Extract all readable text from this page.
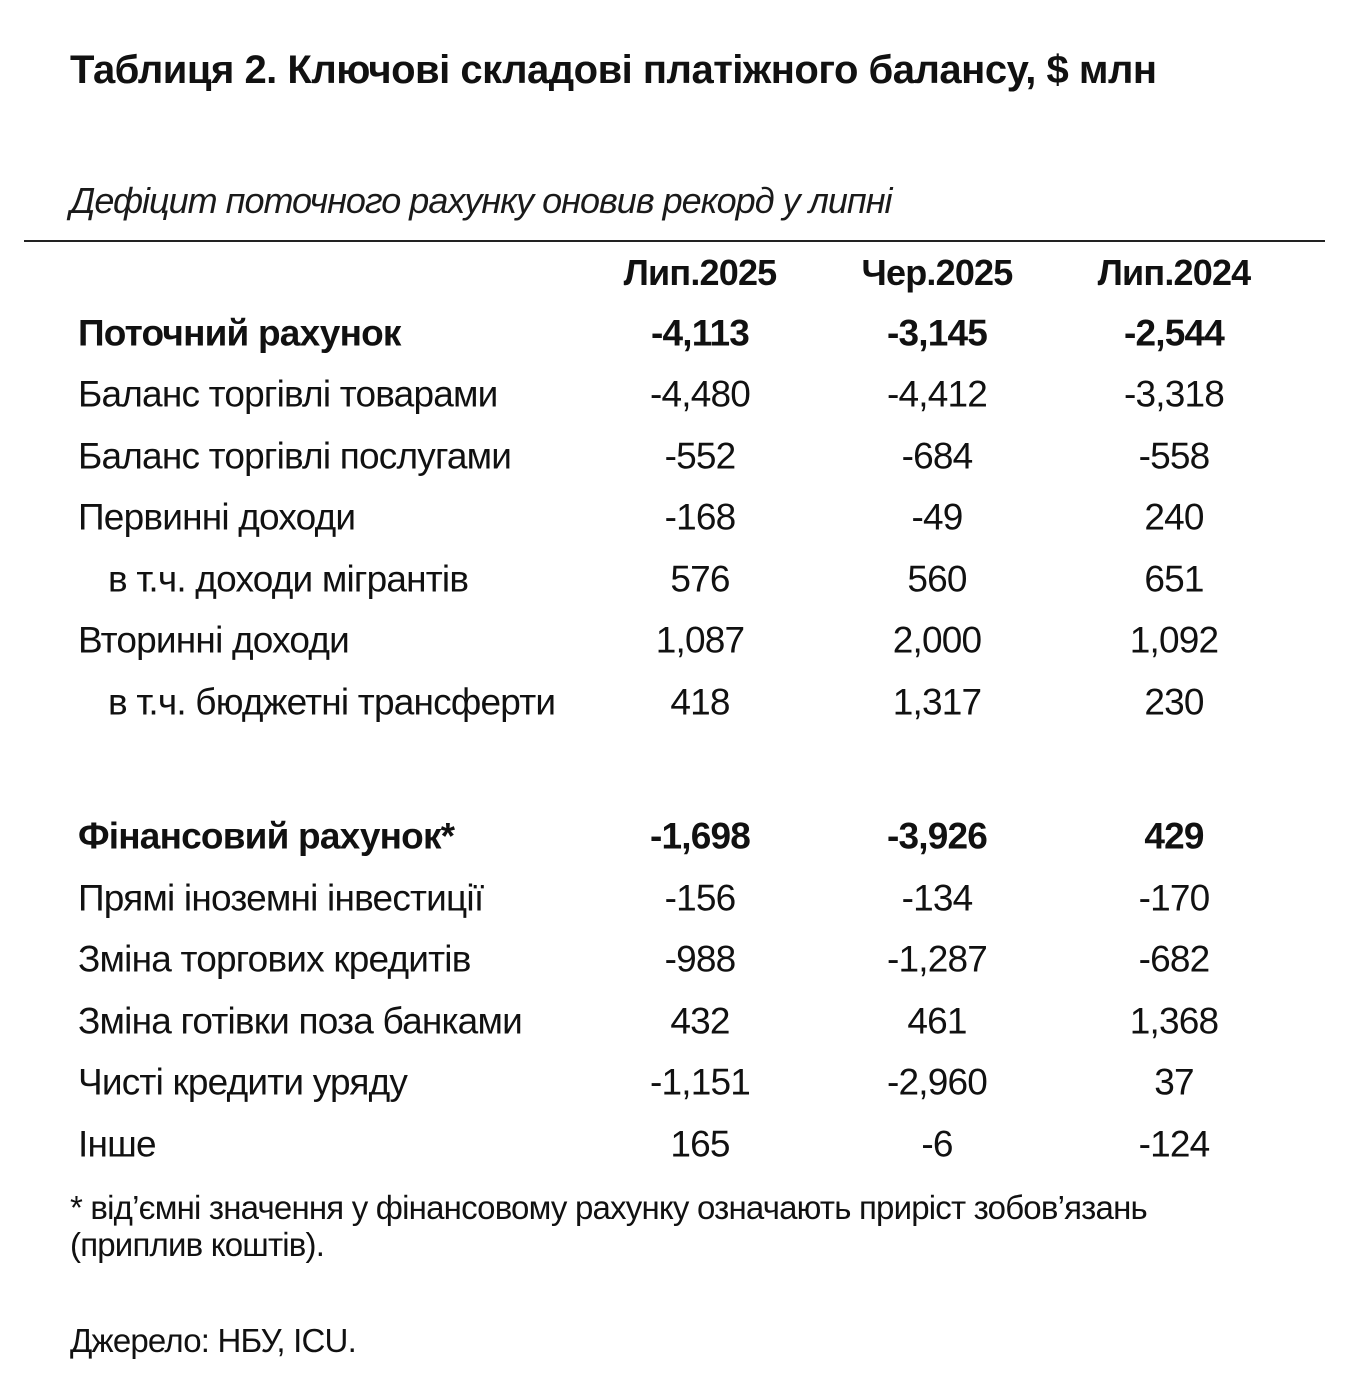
Таблиця 2. Ключові складові платіжного балансу, $ млн
Дефіцит поточного рахунку оновив рекорд у липні
Лип.2025 Чер.2025 Лип.2024
Поточний рахунок	-4,113	-3,145	-2,544
Баланс торгівлі товарами	-4,480	-4,412	-3,318
Баланс торгівлі послугами	-552	-684	-558
Первинні доходи	-168	-49	240
в т.ч. доходи мігрантів	576	560	651
Вторинні доходи	1,087	2,000	1,092
в т.ч. бюджетні трансферти	418	1,317	230
Фінансовий рахунок*	-1,698	-3,926	429
Прямі іноземні інвестиції	-156	-134	-170
Зміна торгових кредитів	-988	-1,287	-682
Зміна готівки поза банками	432	461	1,368
Чисті кредити уряду	-1,151	-2,960	37
Інше	165	-6	-124
* від’ємні значення у фінансовому рахунку означають приріст зобов’язань (приплив коштів).
Джерело: НБУ, ICU.
